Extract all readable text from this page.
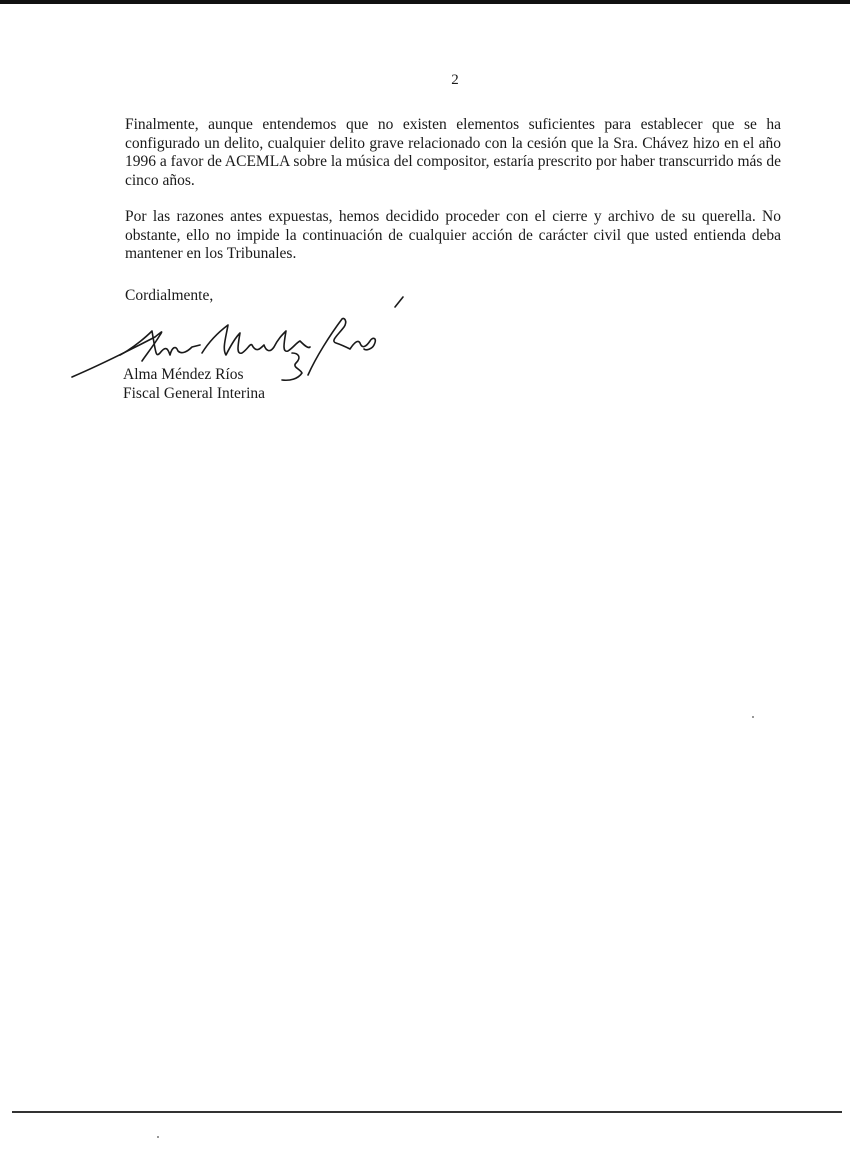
2

Finalmente, aunque entendemos que no existen elementos suficientes para establecer que se ha configurado un delito, cualquier delito grave relacionado con la cesión que la Sra. Chávez hizo en el año 1996 a favor de ACEMLA sobre la música del compositor, estaría prescrito por haber transcurrido más de cinco años.

Por las razones antes expuestas, hemos decidido proceder con el cierre y archivo de su querella. No obstante, ello no impide la continuación de cualquier acción de carácter civil que usted entienda deba mantener en los Tribunales.

Cordialmente,
Alma Méndez Ríos
Fiscal General Interina
